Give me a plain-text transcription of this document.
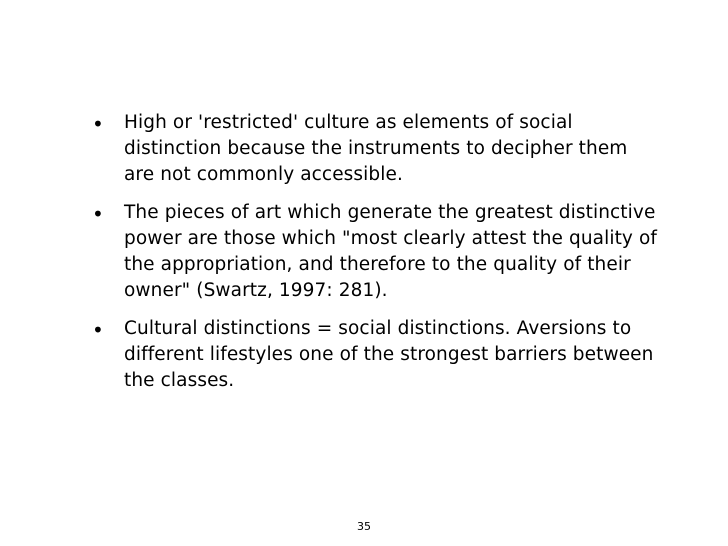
• High or 'restricted' culture as elements of social distinction because the instruments to decipher them are not commonly accessible.
• The pieces of art which generate the greatest distinctive power are those which "most clearly attest the quality of the appropriation, and therefore to the quality of their owner" (Swartz, 1997: 281).
• Cultural distinctions = social distinctions. Aversions to different lifestyles one of the strongest barriers between the classes.
35
